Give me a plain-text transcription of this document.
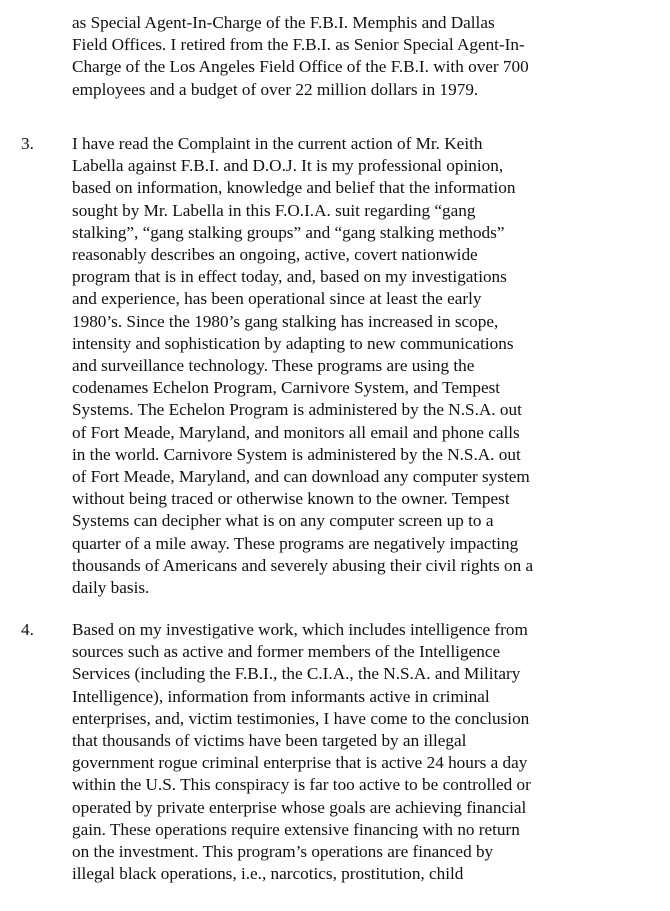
as Special Agent-In-Charge of the F.B.I. Memphis and Dallas
Field Offices. I retired from the F.B.I. as Senior Special Agent-In-
Charge of the Los Angeles Field Office of the F.B.I. with over 700
employees and a budget of over 22 million dollars in 1979.
3. I have read the Complaint in the current action of Mr. Keith
Labella against F.B.I. and D.O.J. It is my professional opinion,
based on information, knowledge and belief that the information
sought by Mr. Labella in this F.O.I.A. suit regarding “gang
stalking”, “gang stalking groups” and “gang stalking methods”
reasonably describes an ongoing, active, covert nationwide
program that is in effect today, and, based on my investigations
and experience, has been operational since at least the early
1980’s. Since the 1980’s gang stalking has increased in scope,
intensity and sophistication by adapting to new communications
and surveillance technology. These programs are using the
codenames Echelon Program, Carnivore System, and Tempest
Systems. The Echelon Program is administered by the N.S.A. out
of Fort Meade, Maryland, and monitors all email and phone calls
in the world. Carnivore System is administered by the N.S.A. out
of Fort Meade, Maryland, and can download any computer system
without being traced or otherwise known to the owner. Tempest
Systems can decipher what is on any computer screen up to a
quarter of a mile away. These programs are negatively impacting
thousands of Americans and severely abusing their civil rights on a
daily basis.
4. Based on my investigative work, which includes intelligence from
sources such as active and former members of the Intelligence
Services (including the F.B.I., the C.I.A., the N.S.A. and Military
Intelligence), information from informants active in criminal
enterprises, and, victim testimonies, I have come to the conclusion
that thousands of victims have been targeted by an illegal
government rogue criminal enterprise that is active 24 hours a day
within the U.S. This conspiracy is far too active to be controlled or
operated by private enterprise whose goals are achieving financial
gain. These operations require extensive financing with no return
on the investment. This program’s operations are financed by
illegal black operations, i.e., narcotics, prostitution, child
